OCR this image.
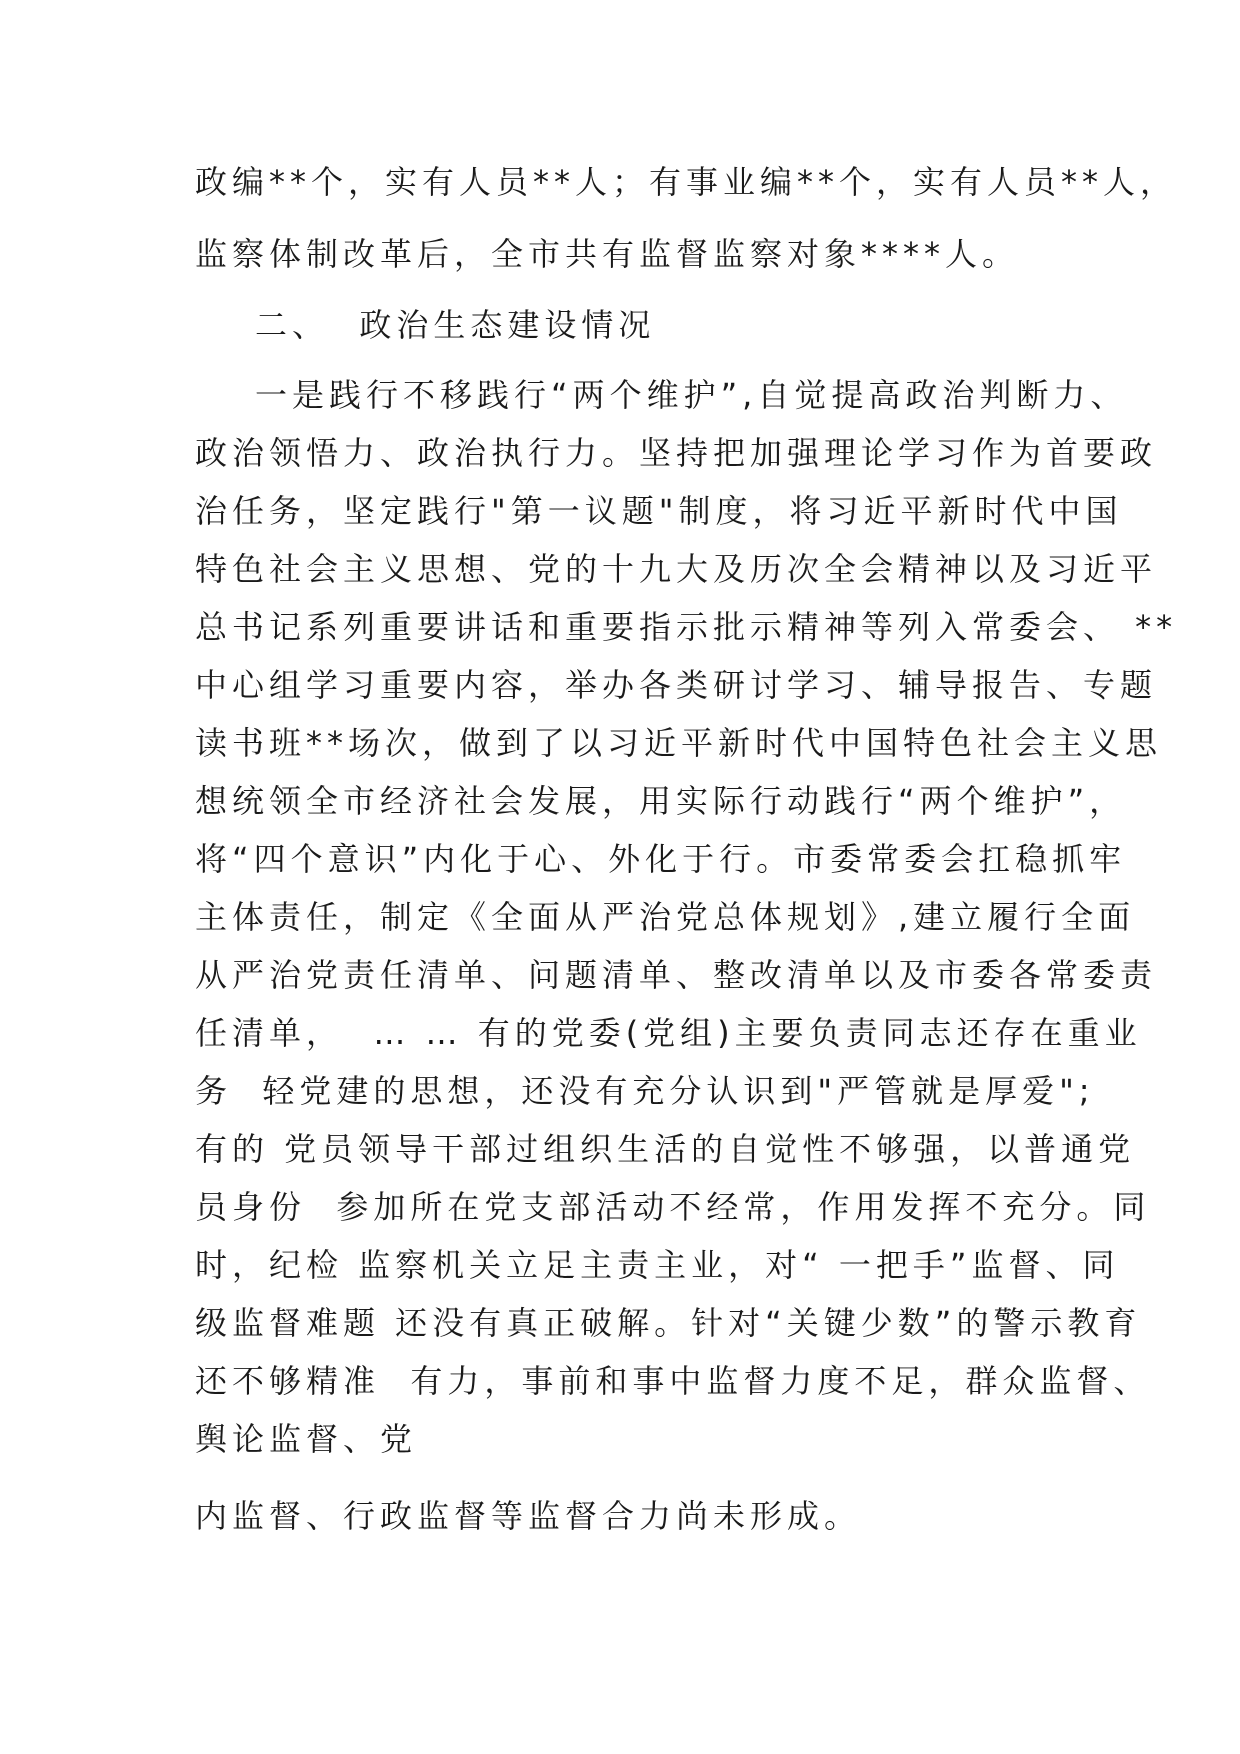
政编**个，实有人员**人；有事业编**个，实有人员**人，
监察体制改革后，全市共有监督监察对象****人。
二、  政治生态建设情况
一是践行不移践行“两个维护”,自觉提高政治判断力、
政治领悟力、政治执行力。坚持把加强理论学习作为首要政
治任务，坚定践行"第一议题"制度，将习近平新时代中国
特色社会主义思想、党的十九大及历次全会精神以及习近平
总书记系列重要讲话和重要指示批示精神等列入常委会、 **
中心组学习重要内容，举办各类研讨学习、辅导报告、专题
读书班**场次，做到了以习近平新时代中国特色社会主义思
想统领全市经济社会发展，用实际行动践行“两个维护”，
将“四个意识”内化于心、外化于行。市委常委会扛稳抓牢
主体责任，制定《全面从严治党总体规划》,建立履行全面
从严治党责任清单、问题清单、整改清单以及市委各常委责
任清单，  … … 有的党委(党组)主要负责同志还存在重业
务  轻党建的思想，还没有充分认识到"严管就是厚爱";
有的 党员领导干部过组织生活的自觉性不够强，以普通党
员身份  参加所在党支部活动不经常，作用发挥不充分。同
时，纪检 监察机关立足主责主业，对“ 一把手”监督、同
级监督难题 还没有真正破解。针对“关键少数”的警示教育
还不够精准  有力，事前和事中监督力度不足，群众监督、
舆论监督、党
内监督、行政监督等监督合力尚未形成。
